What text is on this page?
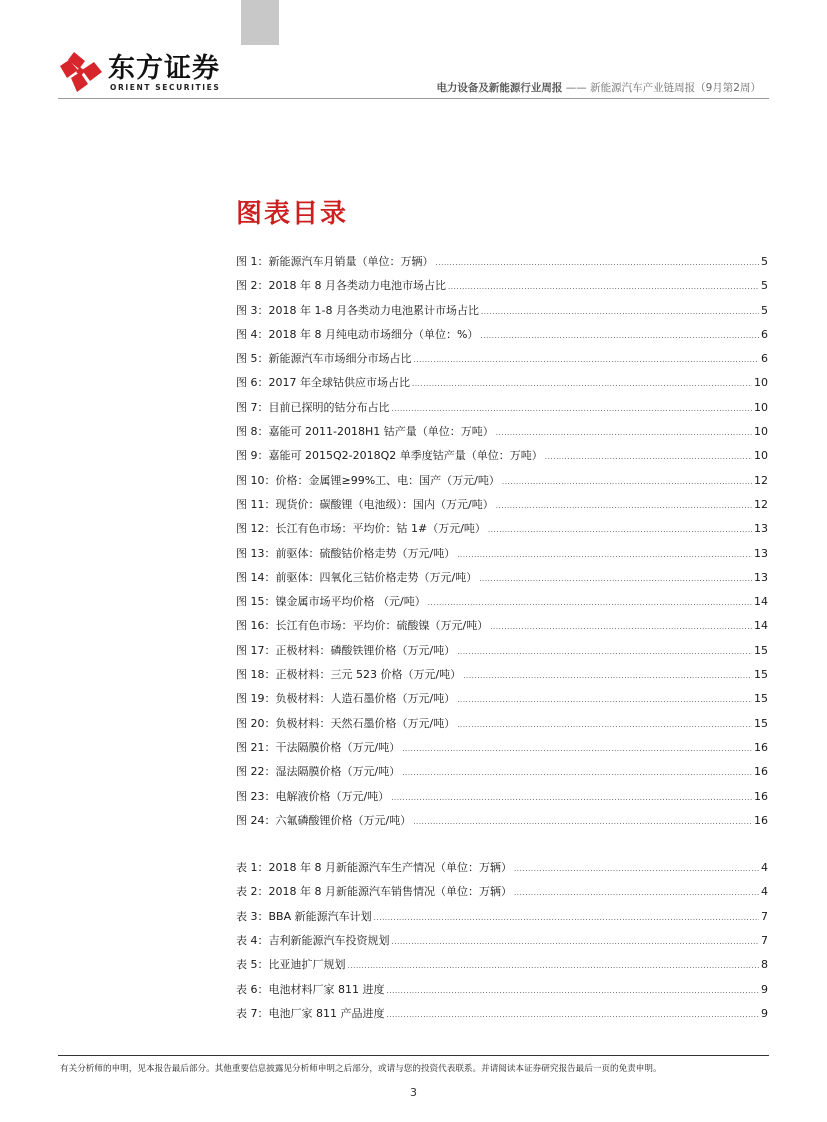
东方证券
ORIENT SECURITIES	电力设备及新能源行业周报 —— 新能源汽车产业链周报（9月第2周）
图表目录
图 1：新能源汽车月销量（单位：万辆） .....	5
图 2：2018 年 8 月各类动力电池市场占比 .....	5
图 3：2018 年 1-8 月各类动力电池累计市场占比 .....	5
图 4：2018 年 8 月纯电动市场细分（单位：%） .....	6
图 5：新能源汽车市场细分市场占比 .....	6
图 6：2017 年全球钴供应市场占比 .....	10
图 7：目前已探明的钴分布占比 .....	10
图 8：嘉能可 2011-2018H1 钴产量（单位：万吨） .....	10
图 9：嘉能可 2015Q2-2018Q2 单季度钴产量（单位：万吨） .....	10
图 10：价格：金属锂≥99%工、电：国产（万元/吨） .....	12
图 11：现货价：碳酸锂（电池级）：国内（万元/吨） .....	12
图 12：长江有色市场：平均价：钴 1#（万元/吨） .....	13
图 13：前驱体：硫酸钴价格走势（万元/吨） .....	13
图 14：前驱体：四氧化三钴价格走势（万元/吨） .....	13
图 15：镍金属市场平均价格 （元/吨） .....	14
图 16：长江有色市场：平均价：硫酸镍（万元/吨） .....	14
图 17：正极材料：磷酸铁锂价格（万元/吨） .....	15
图 18：正极材料：三元 523 价格（万元/吨） .....	15
图 19：负极材料：人造石墨价格（万元/吨） .....	15
图 20：负极材料：天然石墨价格（万元/吨） .....	15
图 21：干法隔膜价格（万元/吨） .....	16
图 22：湿法隔膜价格（万元/吨） .....	16
图 23：电解液价格（万元/吨） .....	16
图 24：六氟磷酸锂价格（万元/吨） .....	16
表 1：2018 年 8 月新能源汽车生产情况（单位：万辆） .....	4
表 2：2018 年 8 月新能源汽车销售情况（单位：万辆） .....	4
表 3：BBA 新能源汽车计划 .....	7
表 4：吉利新能源汽车投资规划 .....	7
表 5：比亚迪扩厂规划 .....	8
表 6：电池材料厂家 811 进度 .....	9
表 7：电池厂家 811 产品进度 .....	9
有关分析师的申明，见本报告最后部分。其他重要信息披露见分析师申明之后部分，或请与您的投资代表联系。并请阅读本证券研究报告最后一页的免责申明。
3
